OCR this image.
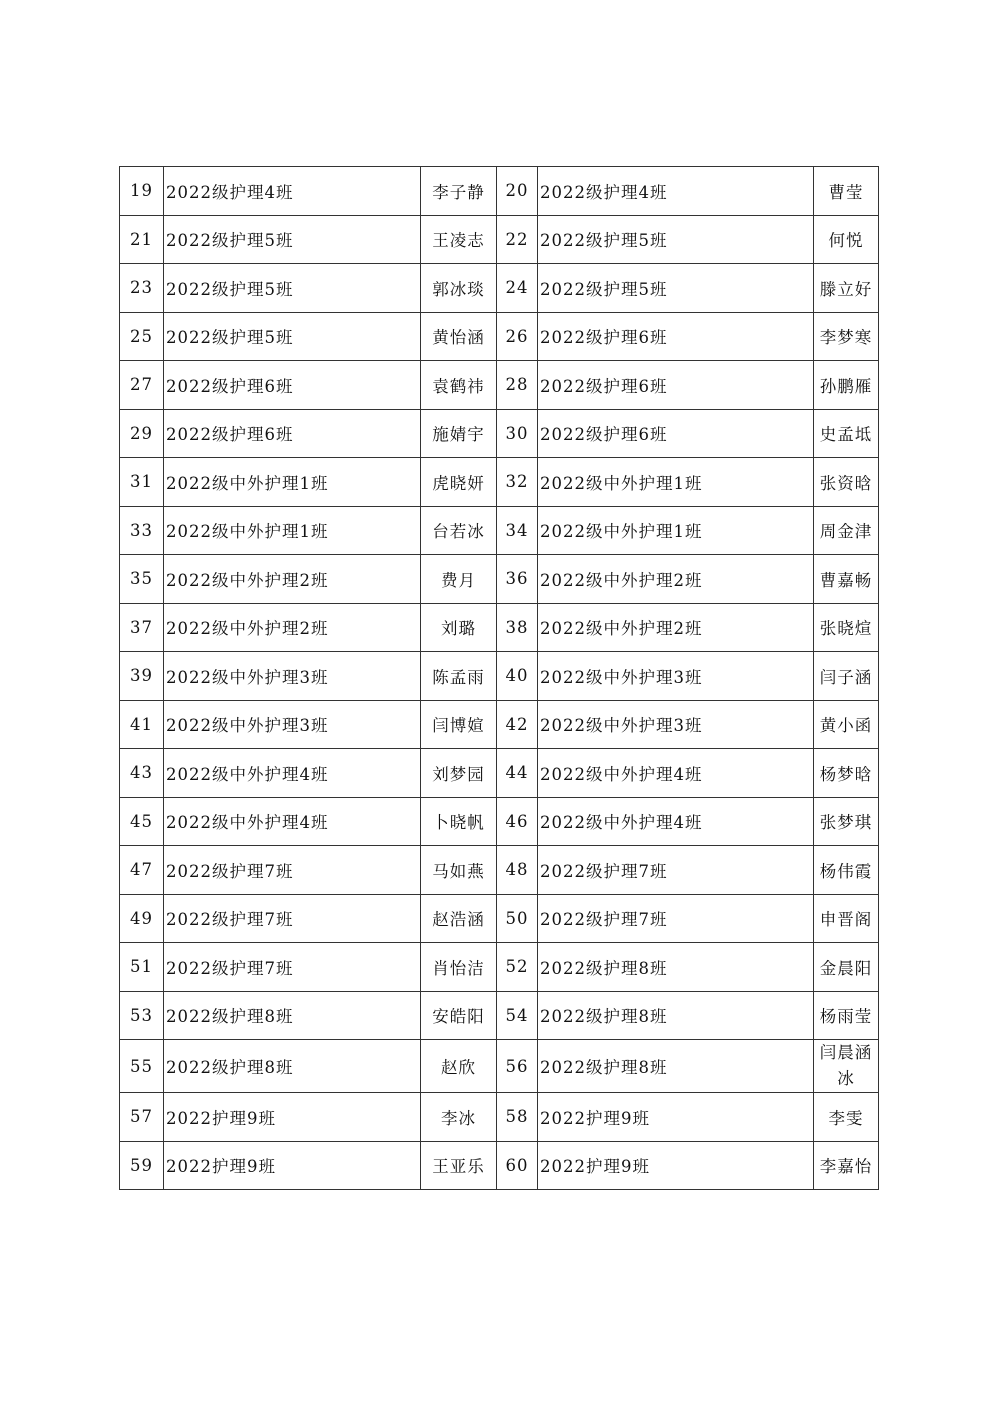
19	2022级护理4班	李子静	20	2022级护理4班	曹莹
21	2022级护理5班	王凌志	22	2022级护理5班	何悦
23	2022级护理5班	郭冰琰	24	2022级护理5班	滕立好
25	2022级护理5班	黄怡涵	26	2022级护理6班	李梦寒
27	2022级护理6班	袁鹤祎	28	2022级护理6班	孙鹏雁
29	2022级护理6班	施婧宇	30	2022级护理6班	史孟坻
31	2022级中外护理1班	虎晓妍	32	2022级中外护理1班	张资晗
33	2022级中外护理1班	台若冰	34	2022级中外护理1班	周金津
35	2022级中外护理2班	费月	36	2022级中外护理2班	曹嘉畅
37	2022级中外护理2班	刘璐	38	2022级中外护理2班	张晓煊
39	2022级中外护理3班	陈孟雨	40	2022级中外护理3班	闫子涵
41	2022级中外护理3班	闫博媗	42	2022级中外护理3班	黄小函
43	2022级中外护理4班	刘梦园	44	2022级中外护理4班	杨梦晗
45	2022级中外护理4班	卜晓帆	46	2022级中外护理4班	张梦琪
47	2022级护理7班	马如燕	48	2022级护理7班	杨伟霞
49	2022级护理7班	赵浩涵	50	2022级护理7班	申晋阁
51	2022级护理7班	肖怡洁	52	2022级护理8班	金晨阳
53	2022级护理8班	安皓阳	54	2022级护理8班	杨雨莹
55	2022级护理8班	赵欣	56	2022级护理8班	闫晨涵冰
57	2022护理9班	李冰	58	2022护理9班	李雯
59	2022护理9班	王亚乐	60	2022护理9班	李嘉怡
